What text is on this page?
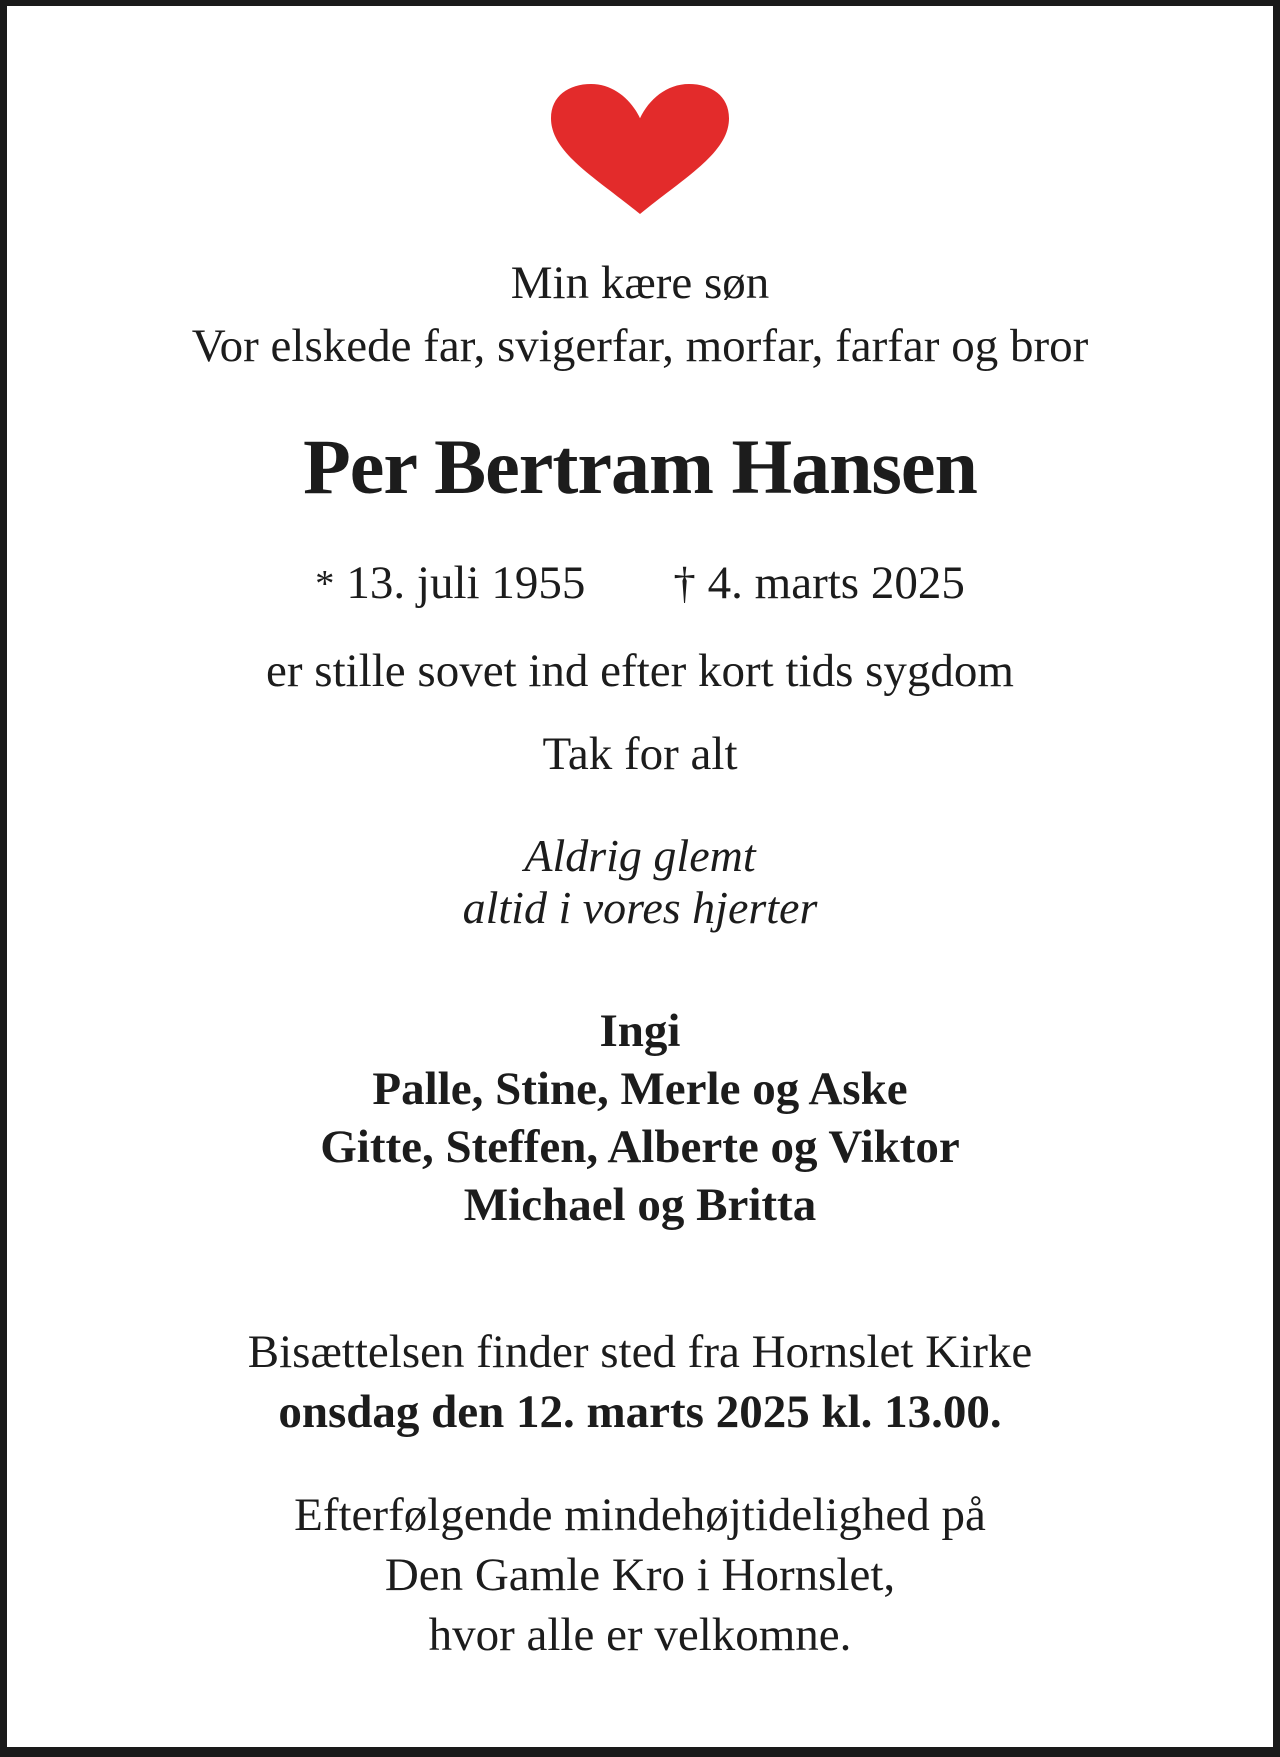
Min kære søn
Vor elskede far, svigerfar, morfar, farfar og bror
Per Bertram Hansen
* 13. juli 1955 † 4. marts 2025
er stille sovet ind efter kort tids sygdom
Tak for alt
Aldrig glemt
altid i vores hjerter
Ingi
Palle, Stine, Merle og Aske
Gitte, Steffen, Alberte og Viktor
Michael og Britta
Bisættelsen finder sted fra Hornslet Kirke
onsdag den 12. marts 2025 kl. 13.00.
Efterfølgende mindehøjtidelighed på
Den Gamle Kro i Hornslet,
hvor alle er velkomne.
